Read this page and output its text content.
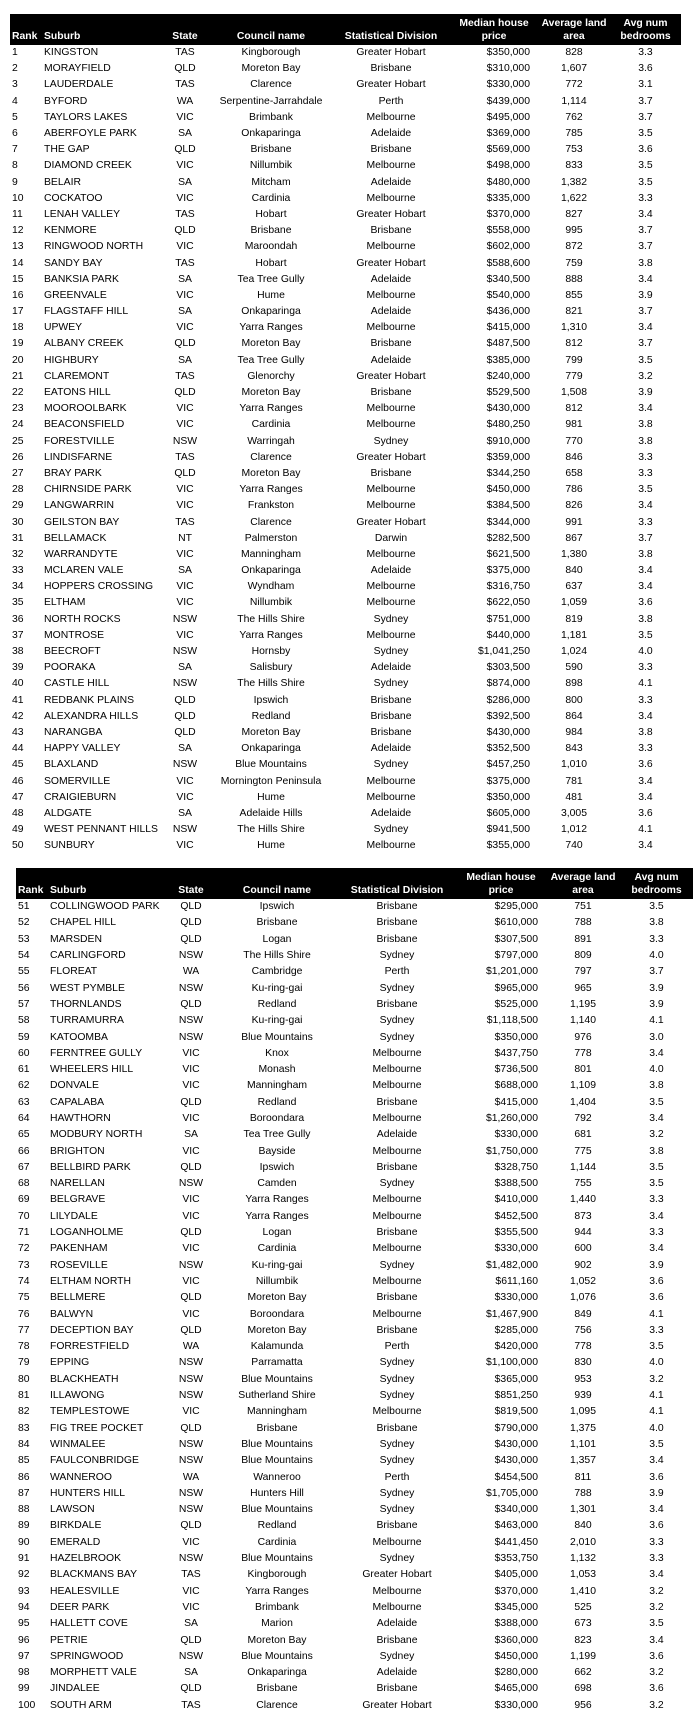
Rank	Suburb	State	Council name	Statistical Division	Median house price	Average land area	Avg num bedrooms
1	KINGSTON	TAS	Kingborough	Greater Hobart	$350,000	828	3.3
2	MORAYFIELD	QLD	Moreton Bay	Brisbane	$310,000	1,607	3.6
3	LAUDERDALE	TAS	Clarence	Greater Hobart	$330,000	772	3.1
4	BYFORD	WA	Serpentine-Jarrahdale	Perth	$439,000	1,114	3.7
5	TAYLORS LAKES	VIC	Brimbank	Melbourne	$495,000	762	3.7
6	ABERFOYLE PARK	SA	Onkaparinga	Adelaide	$369,000	785	3.5
7	THE GAP	QLD	Brisbane	Brisbane	$569,000	753	3.6
8	DIAMOND CREEK	VIC	Nillumbik	Melbourne	$498,000	833	3.5
9	BELAIR	SA	Mitcham	Adelaide	$480,000	1,382	3.5
10	COCKATOO	VIC	Cardinia	Melbourne	$335,000	1,622	3.3
11	LENAH VALLEY	TAS	Hobart	Greater Hobart	$370,000	827	3.4
12	KENMORE	QLD	Brisbane	Brisbane	$558,000	995	3.7
13	RINGWOOD NORTH	VIC	Maroondah	Melbourne	$602,000	872	3.7
14	SANDY BAY	TAS	Hobart	Greater Hobart	$588,600	759	3.8
15	BANKSIA PARK	SA	Tea Tree Gully	Adelaide	$340,500	888	3.4
16	GREENVALE	VIC	Hume	Melbourne	$540,000	855	3.9
17	FLAGSTAFF HILL	SA	Onkaparinga	Adelaide	$436,000	821	3.7
18	UPWEY	VIC	Yarra Ranges	Melbourne	$415,000	1,310	3.4
19	ALBANY CREEK	QLD	Moreton Bay	Brisbane	$487,500	812	3.7
20	HIGHBURY	SA	Tea Tree Gully	Adelaide	$385,000	799	3.5
21	CLAREMONT	TAS	Glenorchy	Greater Hobart	$240,000	779	3.2
22	EATONS HILL	QLD	Moreton Bay	Brisbane	$529,500	1,508	3.9
23	MOOROOLBARK	VIC	Yarra Ranges	Melbourne	$430,000	812	3.4
24	BEACONSFIELD	VIC	Cardinia	Melbourne	$480,250	981	3.8
25	FORESTVILLE	NSW	Warringah	Sydney	$910,000	770	3.8
26	LINDISFARNE	TAS	Clarence	Greater Hobart	$359,000	846	3.3
27	BRAY PARK	QLD	Moreton Bay	Brisbane	$344,250	658	3.3
28	CHIRNSIDE PARK	VIC	Yarra Ranges	Melbourne	$450,000	786	3.5
29	LANGWARRIN	VIC	Frankston	Melbourne	$384,500	826	3.4
30	GEILSTON BAY	TAS	Clarence	Greater Hobart	$344,000	991	3.3
31	BELLAMACK	NT	Palmerston	Darwin	$282,500	867	3.7
32	WARRANDYTE	VIC	Manningham	Melbourne	$621,500	1,380	3.8
33	MCLAREN VALE	SA	Onkaparinga	Adelaide	$375,000	840	3.4
34	HOPPERS CROSSING	VIC	Wyndham	Melbourne	$316,750	637	3.4
35	ELTHAM	VIC	Nillumbik	Melbourne	$622,050	1,059	3.6
36	NORTH ROCKS	NSW	The Hills Shire	Sydney	$751,000	819	3.8
37	MONTROSE	VIC	Yarra Ranges	Melbourne	$440,000	1,181	3.5
38	BEECROFT	NSW	Hornsby	Sydney	$1,041,250	1,024	4.0
39	POORAKA	SA	Salisbury	Adelaide	$303,500	590	3.3
40	CASTLE HILL	NSW	The Hills Shire	Sydney	$874,000	898	4.1
41	REDBANK PLAINS	QLD	Ipswich	Brisbane	$286,000	800	3.3
42	ALEXANDRA HILLS	QLD	Redland	Brisbane	$392,500	864	3.4
43	NARANGBA	QLD	Moreton Bay	Brisbane	$430,000	984	3.8
44	HAPPY VALLEY	SA	Onkaparinga	Adelaide	$352,500	843	3.3
45	BLAXLAND	NSW	Blue Mountains	Sydney	$457,250	1,010	3.6
46	SOMERVILLE	VIC	Mornington Peninsula	Melbourne	$375,000	781	3.4
47	CRAIGIEBURN	VIC	Hume	Melbourne	$350,000	481	3.4
48	ALDGATE	SA	Adelaide Hills	Adelaide	$605,000	3,005	3.6
49	WEST PENNANT HILLS	NSW	The Hills Shire	Sydney	$941,500	1,012	4.1
50	SUNBURY	VIC	Hume	Melbourne	$355,000	740	3.4
Rank	Suburb	State	Council name	Statistical Division	Median house price	Average land area	Avg num bedrooms
51	COLLINGWOOD PARK	QLD	Ipswich	Brisbane	$295,000	751	3.5
52	CHAPEL HILL	QLD	Brisbane	Brisbane	$610,000	788	3.8
53	MARSDEN	QLD	Logan	Brisbane	$307,500	891	3.3
54	CARLINGFORD	NSW	The Hills Shire	Sydney	$797,000	809	4.0
55	FLOREAT	WA	Cambridge	Perth	$1,201,000	797	3.7
56	WEST PYMBLE	NSW	Ku-ring-gai	Sydney	$965,000	965	3.9
57	THORNLANDS	QLD	Redland	Brisbane	$525,000	1,195	3.9
58	TURRAMURRA	NSW	Ku-ring-gai	Sydney	$1,118,500	1,140	4.1
59	KATOOMBA	NSW	Blue Mountains	Sydney	$350,000	976	3.0
60	FERNTREE GULLY	VIC	Knox	Melbourne	$437,750	778	3.4
61	WHEELERS HILL	VIC	Monash	Melbourne	$736,500	801	4.0
62	DONVALE	VIC	Manningham	Melbourne	$688,000	1,109	3.8
63	CAPALABA	QLD	Redland	Brisbane	$415,000	1,404	3.5
64	HAWTHORN	VIC	Boroondara	Melbourne	$1,260,000	792	3.4
65	MODBURY NORTH	SA	Tea Tree Gully	Adelaide	$330,000	681	3.2
66	BRIGHTON	VIC	Bayside	Melbourne	$1,750,000	775	3.8
67	BELLBIRD PARK	QLD	Ipswich	Brisbane	$328,750	1,144	3.5
68	NARELLAN	NSW	Camden	Sydney	$388,500	755	3.5
69	BELGRAVE	VIC	Yarra Ranges	Melbourne	$410,000	1,440	3.3
70	LILYDALE	VIC	Yarra Ranges	Melbourne	$452,500	873	3.4
71	LOGANHOLME	QLD	Logan	Brisbane	$355,500	944	3.3
72	PAKENHAM	VIC	Cardinia	Melbourne	$330,000	600	3.4
73	ROSEVILLE	NSW	Ku-ring-gai	Sydney	$1,482,000	902	3.9
74	ELTHAM NORTH	VIC	Nillumbik	Melbourne	$611,160	1,052	3.6
75	BELLMERE	QLD	Moreton Bay	Brisbane	$330,000	1,076	3.6
76	BALWYN	VIC	Boroondara	Melbourne	$1,467,900	849	4.1
77	DECEPTION BAY	QLD	Moreton Bay	Brisbane	$285,000	756	3.3
78	FORRESTFIELD	WA	Kalamunda	Perth	$420,000	778	3.5
79	EPPING	NSW	Parramatta	Sydney	$1,100,000	830	4.0
80	BLACKHEATH	NSW	Blue Mountains	Sydney	$365,000	953	3.2
81	ILLAWONG	NSW	Sutherland Shire	Sydney	$851,250	939	4.1
82	TEMPLESTOWE	VIC	Manningham	Melbourne	$819,500	1,095	4.1
83	FIG TREE POCKET	QLD	Brisbane	Brisbane	$790,000	1,375	4.0
84	WINMALEE	NSW	Blue Mountains	Sydney	$430,000	1,101	3.5
85	FAULCONBRIDGE	NSW	Blue Mountains	Sydney	$430,000	1,357	3.4
86	WANNEROO	WA	Wanneroo	Perth	$454,500	811	3.6
87	HUNTERS HILL	NSW	Hunters Hill	Sydney	$1,705,000	788	3.9
88	LAWSON	NSW	Blue Mountains	Sydney	$340,000	1,301	3.4
89	BIRKDALE	QLD	Redland	Brisbane	$463,000	840	3.6
90	EMERALD	VIC	Cardinia	Melbourne	$441,450	2,010	3.3
91	HAZELBROOK	NSW	Blue Mountains	Sydney	$353,750	1,132	3.3
92	BLACKMANS BAY	TAS	Kingborough	Greater Hobart	$405,000	1,053	3.4
93	HEALESVILLE	VIC	Yarra Ranges	Melbourne	$370,000	1,410	3.2
94	DEER PARK	VIC	Brimbank	Melbourne	$345,000	525	3.2
95	HALLETT COVE	SA	Marion	Adelaide	$388,000	673	3.5
96	PETRIE	QLD	Moreton Bay	Brisbane	$360,000	823	3.4
97	SPRINGWOOD	NSW	Blue Mountains	Sydney	$450,000	1,199	3.6
98	MORPHETT VALE	SA	Onkaparinga	Adelaide	$280,000	662	3.2
99	JINDALEE	QLD	Brisbane	Brisbane	$465,000	698	3.6
100	SOUTH ARM	TAS	Clarence	Greater Hobart	$330,000	956	3.2
